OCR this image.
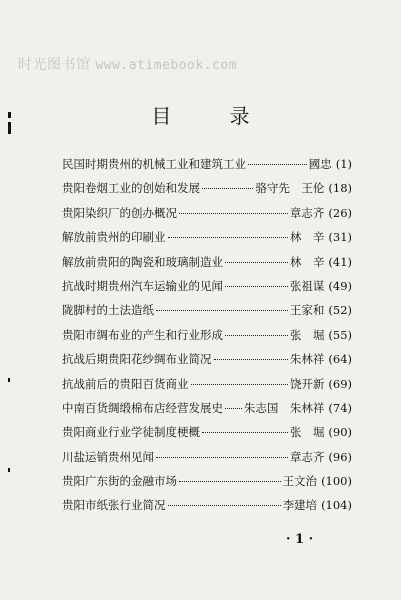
时光图书馆 www.atimebook.com
目 录
民国时期贵州的机械工业和建筑工业	國忠 (1)
贵阳卷烟工业的创始和发展	骆守先　王伦 (18)
贵阳染织厂的创办概况	章志齐 (26)
解放前贵州的印刷业	林　辛 (31)
解放前贵阳的陶瓷和玻璃制造业	林　辛 (41)
抗战时期贵州汽车运输业的见闻	张祖谋 (49)
陇脚村的土法造纸	王家和 (52)
贵阳市绸布业的产生和行业形成	张　堀 (55)
抗战后期贵阳花纱绸布业简况	朱林祥 (64)
抗战前后的贵阳百货商业	饶开新 (69)
中南百货绸缎棉布店经营发展史 朱志国　朱林祥 (74)
贵阳商业行业学徒制度梗概	张　堀 (90)
川盐运销贵州见闻	章志齐 (96)
贵阳广东街的金融市场	王文治 (100)
贵阳市纸张行业简况	李建培 (104)
· 1 ·
